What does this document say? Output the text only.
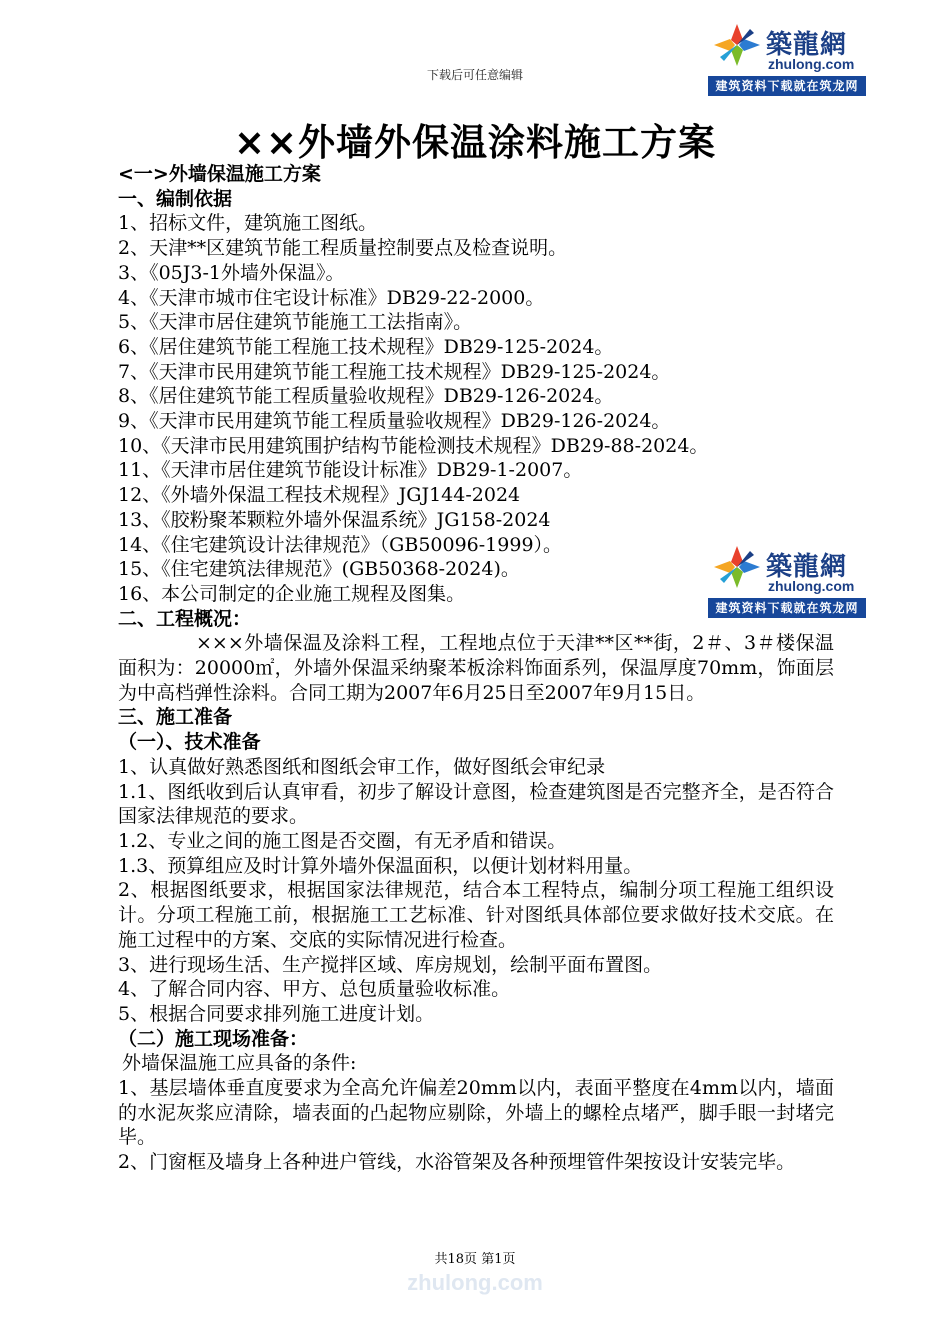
下载后可任意编辑
築龍網
zhulong.com
建筑资料下载就在筑龙网
築龍網
zhulong.com
建筑资料下载就在筑龙网
××外墙外保温涂料施工方案

<一>外墙保温施工方案

一、编制依据

1、招标文件，建筑施工图纸。

2、天津**区建筑节能工程质量控制要点及检查说明。

3、《05J3-1外墙外保温》。

4、《天津市城市住宅设计标准》DB29-22-2000。

5、《天津市居住建筑节能施工工法指南》。

6、《居住建筑节能工程施工技术规程》DB29-125-2024。

7、《天津市民用建筑节能工程施工技术规程》DB29-125-2024。

8、《居住建筑节能工程质量验收规程》DB29-126-2024。

9、《天津市民用建筑节能工程质量验收规程》DB29-126-2024。

10、《天津市民用建筑围护结构节能检测技术规程》DB29-88-2024。

11、《天津市居住建筑节能设计标准》DB29-1-2007。

12、《外墙外保温工程技术规程》JGJ144-2024

13、《胶粉聚苯颗粒外墙外保温系统》JG158-2024

14、《住宅建筑设计法律规范》（GB50096-1999）。

15、《住宅建筑法律规范》(GB50368-2024)。

16、本公司制定的企业施工规程及图集。

二、工程概况：

×××外墙保温及涂料工程，工程地点位于天津**区**街，2＃、3＃楼保温面积为：20000㎡，外墙外保温采纳聚苯板涂料饰面系列，保温厚度70mm，饰面层为中高档弹性涂料。合同工期为2007年6月25日至2007年9月15日。

三、施工准备

（一）、技术准备

1、认真做好熟悉图纸和图纸会审工作，做好图纸会审纪录

1.1、图纸收到后认真审看，初步了解设计意图，检查建筑图是否完整齐全，是否符合国家法律规范的要求。

1.2、专业之间的施工图是否交圈，有无矛盾和错误。

1.3、预算组应及时计算外墙外保温面积，以便计划材料用量。

2、根据图纸要求，根据国家法律规范，结合本工程特点，编制分项工程施工组织设计。分项工程施工前，根据施工工艺标准、针对图纸具体部位要求做好技术交底。在施工过程中的方案、交底的实际情况进行检查。

3、进行现场生活、生产搅拌区域、库房规划，绘制平面布置图。

4、了解合同内容、甲方、总包质量验收标准。

5、根据合同要求排列施工进度计划。

（二）施工现场准备：

外墙保温施工应具备的条件:

1、基层墙体垂直度要求为全高允许偏差20mm以内，表面平整度在4mm以内，墙面的水泥灰浆应清除，墙表面的凸起物应剔除，外墙上的螺栓点堵严，脚手眼一封堵完毕。

2、门窗框及墙身上各种进户管线，水浴管架及各种预埋管件架按设计安装完毕。

共18页 第1页
zhulong.com
